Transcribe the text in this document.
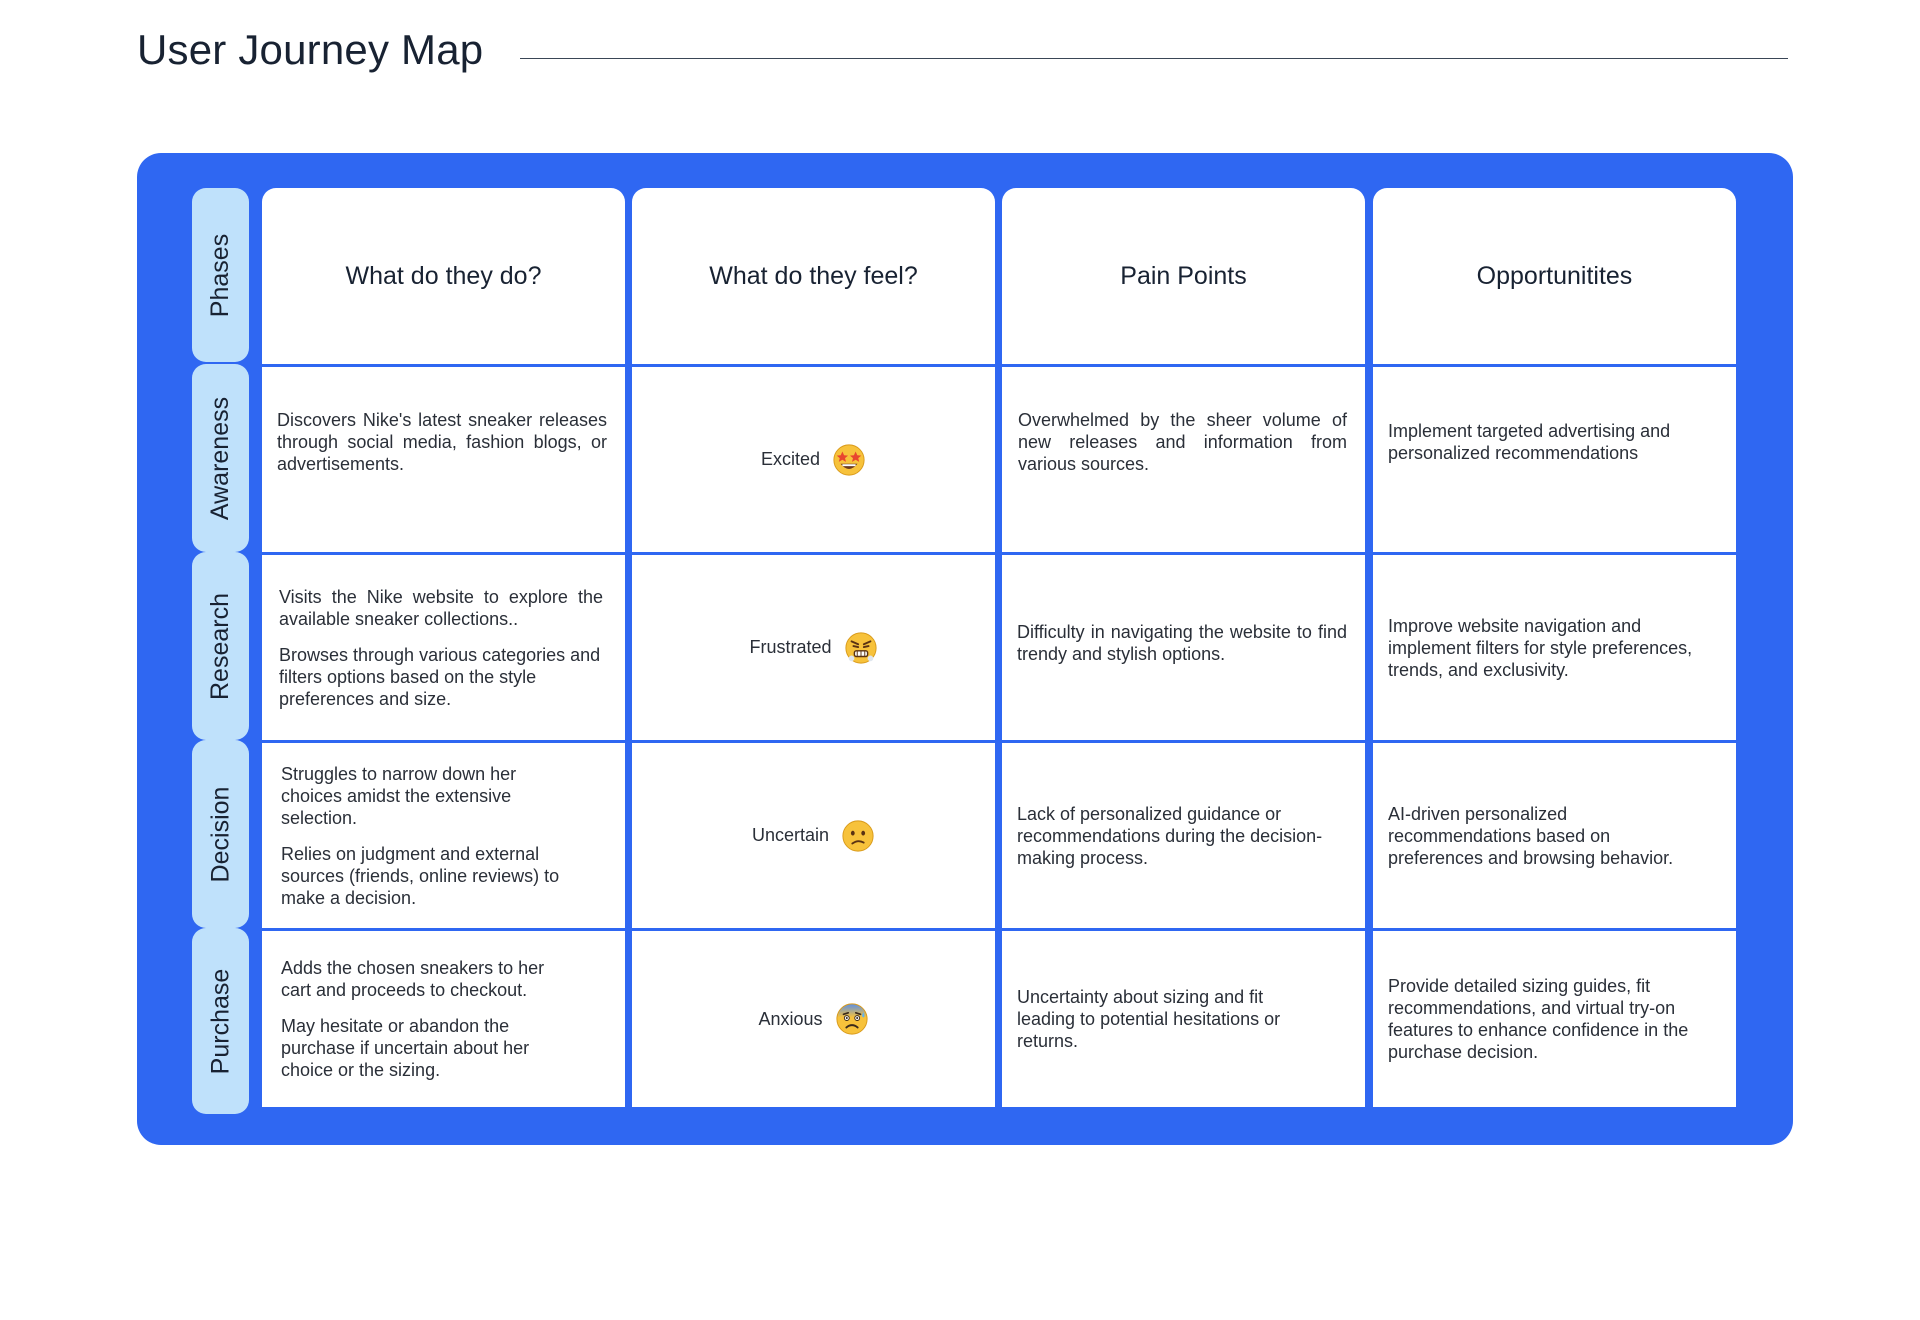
User Journey Map
Phases
Awareness
Research
Decision
Purchase
What do they do?

Discovers Nike's latest sneaker releases through social media, fashion blogs, or advertisements.

Visits the Nike website to explore the available sneaker collections..

Browses through various categories and filters options based on the style preferences and size.

Struggles to narrow down her choices amidst the extensive selection.

Relies on judgment and external sources (friends, online reviews) to make a decision.

Adds the chosen sneakers to her cart and proceeds to checkout.

May hesitate or abandon the purchase if uncertain about her choice or the sizing.

What do they feel?
Excited
Frustrated
Uncertain
Anxious
Pain Points

Overwhelmed by the sheer volume of new releases and information from various sources.

Difficulty in navigating the website to find trendy and stylish options.

Lack of personalized guidance or recommendations during the decision-making process.

Uncertainty about sizing and fit leading to potential hesitations or returns.

Opportunitites

Implement targeted advertising and personalized recommendations

Improve website navigation and implement filters for style preferences, trends, and exclusivity.

AI-driven personalized recommendations based on preferences and browsing behavior.

Provide detailed sizing guides, fit recommendations, and virtual try-on features to enhance confidence in the purchase decision.
